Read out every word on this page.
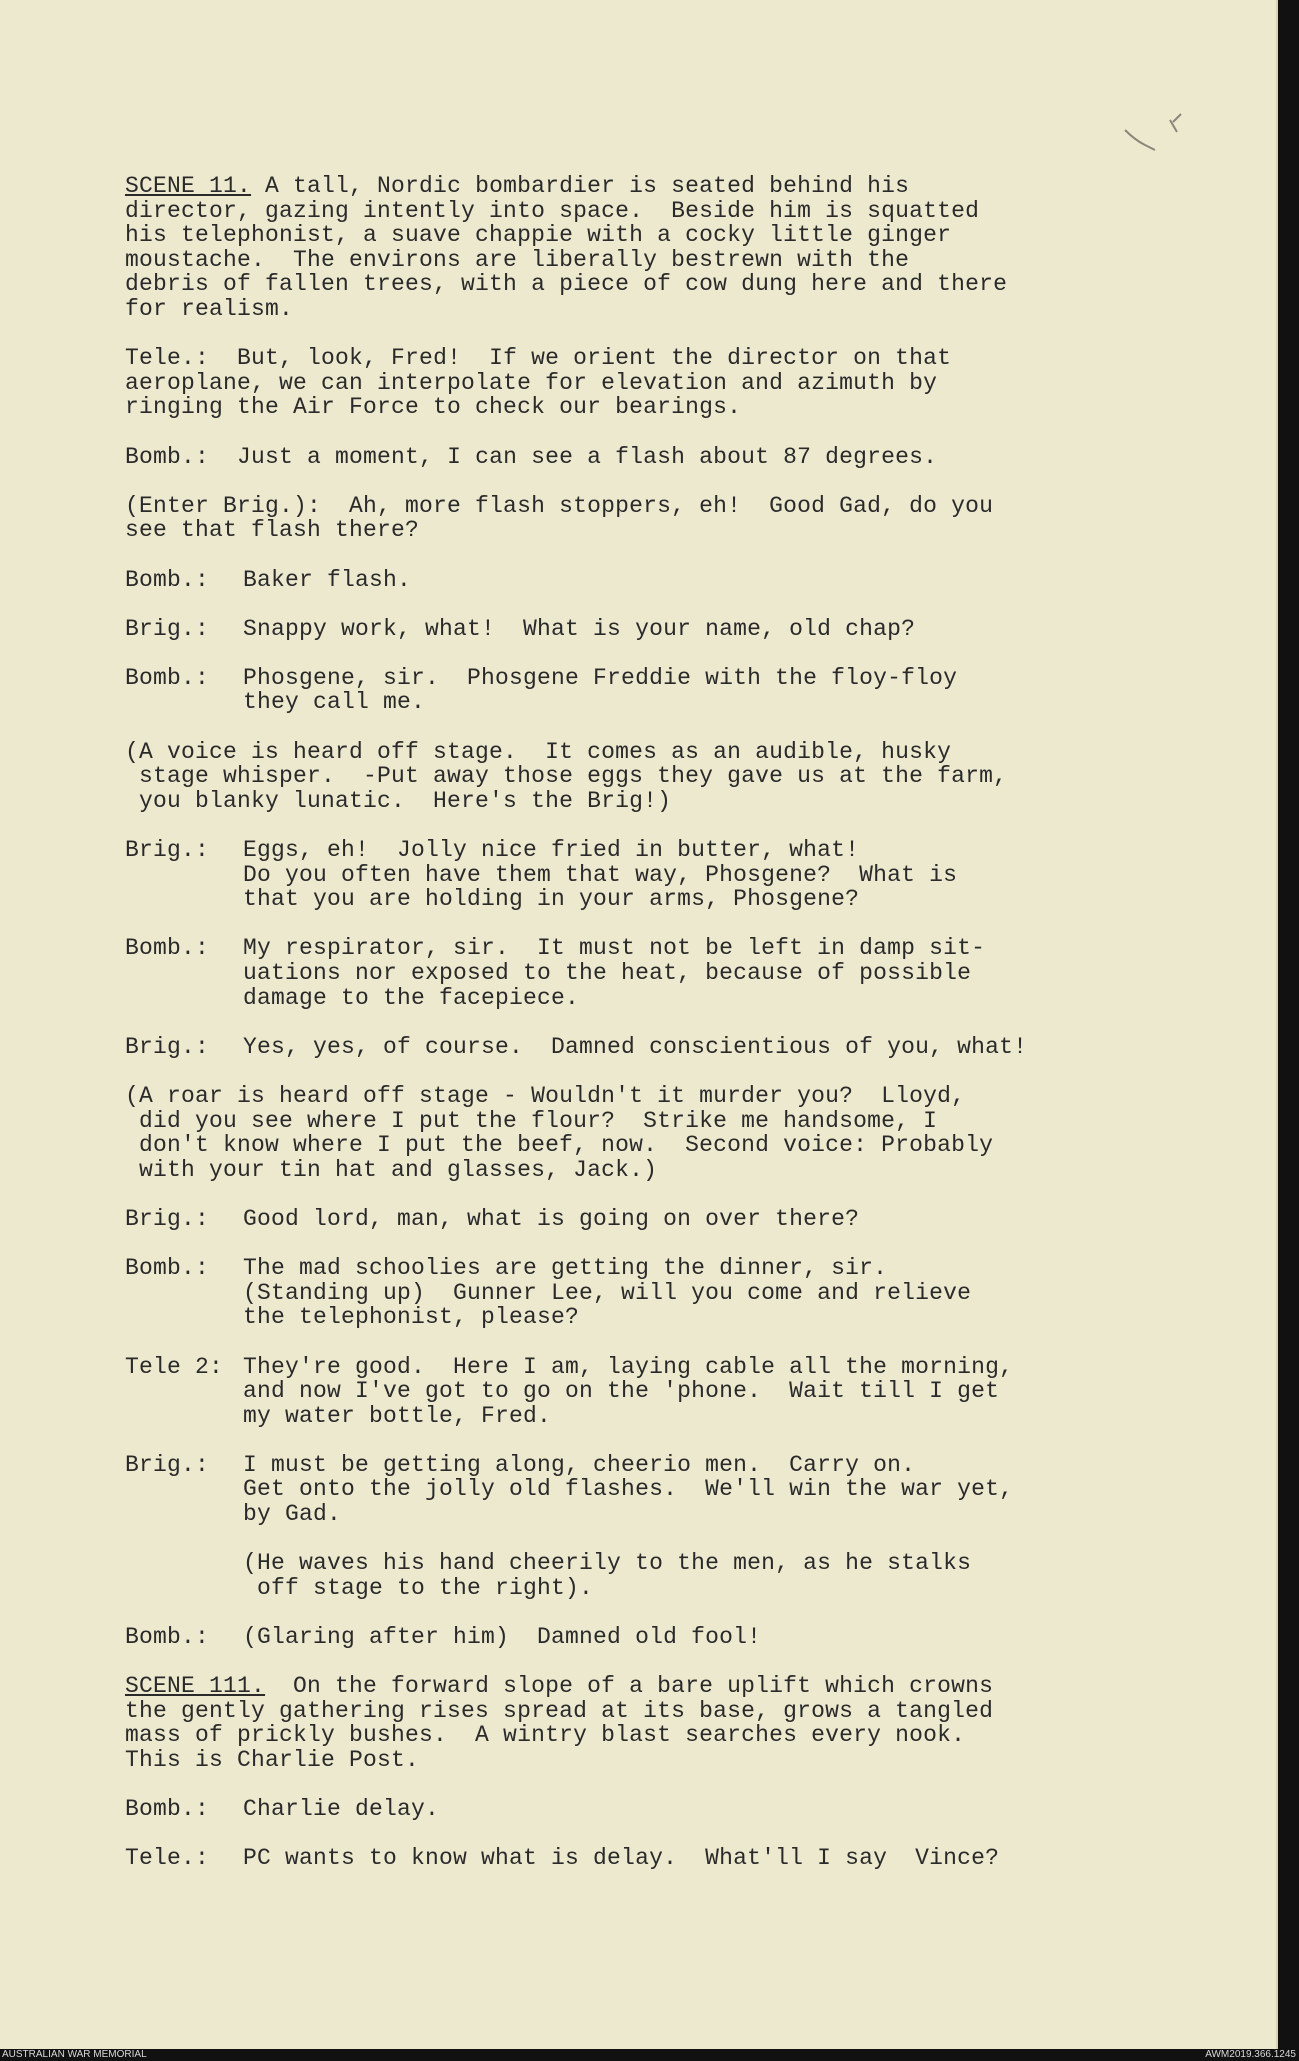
SCENE 11. A tall, Nordic bombardier is seated behind his
director, gazing intently into space.  Beside him is squatted
his telephonist, a suave chappie with a cocky little ginger
moustache.  The environs are liberally bestrewn with the
debris of fallen trees, with a piece of cow dung here and there
for realism.
Tele.: But, look, Fred!  If we orient the director on that
aeroplane, we can interpolate for elevation and azimuth by
ringing the Air Force to check our bearings.
Bomb.: Just a moment, I can see a flash about 87 degrees.
(Enter Brig.):  Ah, more flash stoppers, eh!  Good Gad, do you
see that flash there?
Bomb.:	Baker flash.
Brig.:	Snappy work, what!  What is your name, old chap?
Bomb.:	Phosgene, sir.  Phosgene Freddie with the floy-floy
they call me.
(A voice is heard off stage.  It comes as an audible, husky
stage whisper.  -Put away those eggs they gave us at the farm,
you blanky lunatic.  Here's the Brig!)
Brig.:	Eggs, eh!  Jolly nice fried in butter, what!
Do you often have them that way, Phosgene?  What is
that you are holding in your arms, Phosgene?
Bomb.:	My respirator, sir.  It must not be left in damp sit-
uations nor exposed to the heat, because of possible
damage to the facepiece.
Brig.:	Yes, yes, of course.  Damned conscientious of you, what!
(A roar is heard off stage - Wouldn't it murder you?  Lloyd,
did you see where I put the flour?  Strike me handsome, I
don't know where I put the beef, now.  Second voice: Probably
with your tin hat and glasses, Jack.)
Brig.:	Good lord, man, what is going on over there?
Bomb.:	The mad schoolies are getting the dinner, sir.
(Standing up)  Gunner Lee, will you come and relieve
the telephonist, please?
Tele 2: They're good.  Here I am, laying cable all the morning,
and now I've got to go on the 'phone.  Wait till I get
my water bottle, Fred.
Brig.:	I must be getting along, cheerio men.  Carry on.
Get onto the jolly old flashes.  We'll win the war yet,
by Gad.
(He waves his hand cheerily to the men, as he stalks
off stage to the right).
Bomb.:	(Glaring after him)  Damned old fool!
SCENE 111.  On the forward slope of a bare uplift which crowns
the gently gathering rises spread at its base, grows a tangled
mass of prickly bushes.  A wintry blast searches every nook.
This is Charlie Post.
Bomb.:	Charlie delay.
Tele.:	PC wants to know what is delay.  What'll I say  Vince?
AUSTRALIAN WAR MEMORIAL	AWM2019.366.1245
